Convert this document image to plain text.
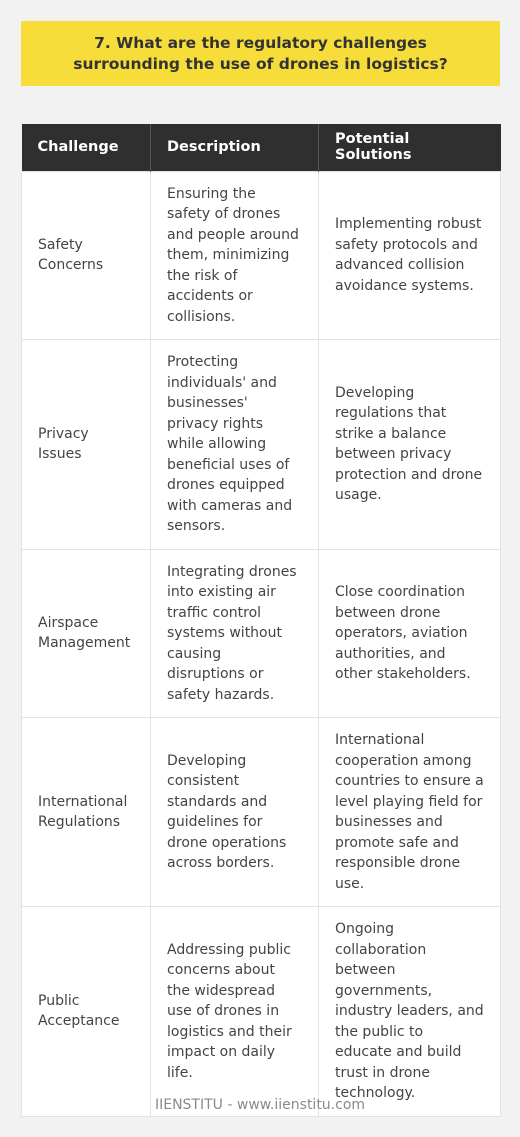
7. What are the regulatory challenges surrounding the use of drones in logistics?
Challenge	Description	Potential Solutions
Safety Concerns	Ensuring the safety of drones and people around them, minimizing the risk of accidents or collisions.	Implementing robust safety protocols and advanced collision avoidance systems.
Privacy Issues	Protecting individuals' and businesses' privacy rights while allowing beneficial uses of drones equipped with cameras and sensors.	Developing regulations that strike a balance between privacy protection and drone usage.
Airspace Management	Integrating drones into existing air traffic control systems without causing disruptions or safety hazards.	Close coordination between drone operators, aviation authorities, and other stakeholders.
International Regulations	Developing consistent standards and guidelines for drone operations across borders.	International cooperation among countries to ensure a level playing field for businesses and promote safe and responsible drone use.
Public Acceptance	Addressing public concerns about the widespread use of drones in logistics and their impact on daily life.	Ongoing collaboration between governments, industry leaders, and the public to educate and build trust in drone technology.
IIENSTITU - www.iienstitu.com
